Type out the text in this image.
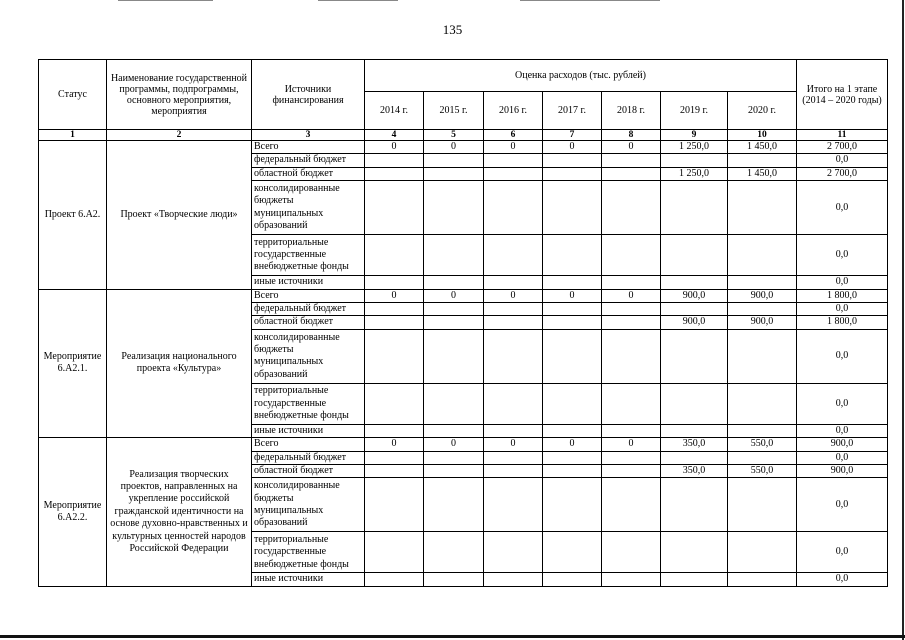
135
Статус	Наименование государственной программы, подпрограммы, основного мероприятия, мероприятия	Источники финансирования	Оценка расходов (тыс. рублей)							Итого на 1 этапе (2014 – 2020 годы)
			2014 г.	2015 г.	2016 г.	2017 г.	2018 г.	2019 г.	2020 г.	
1	2	3	4	5	6	7	8	9	10	11
Проект 6.А2.	Проект «Творческие люди»	Всего	0	0	0	0	0	1 250,0	1 450,0	2 700,0
		федеральный бюджет								0,0
		областной бюджет						1 250,0	1 450,0	2 700,0
		консолидированные бюджеты муниципальных образований								0,0
		территориальные государственные внебюджетные фонды								0,0
		иные источники								0,0
Мероприятие 6.А2.1.	Реализация национального проекта «Культура»	Всего	0	0	0	0	0	900,0	900,0	1 800,0
		федеральный бюджет								0,0
		областной бюджет						900,0	900,0	1 800,0
		консолидированные бюджеты муниципальных образований								0,0
		территориальные государственные внебюджетные фонды								0,0
		иные источники								0,0
Мероприятие 6.А2.2.	Реализация творческих проектов, направленных на укрепление российской гражданской идентичности на основе духовно-нравственных и культурных ценностей народов Российской Федерации	Всего	0	0	0	0	0	350,0	550,0	900,0
		федеральный бюджет								0,0
		областной бюджет						350,0	550,0	900,0
		консолидированные бюджеты муниципальных образований								0,0
		территориальные государственные внебюджетные фонды								0,0
		иные источники								0,0
